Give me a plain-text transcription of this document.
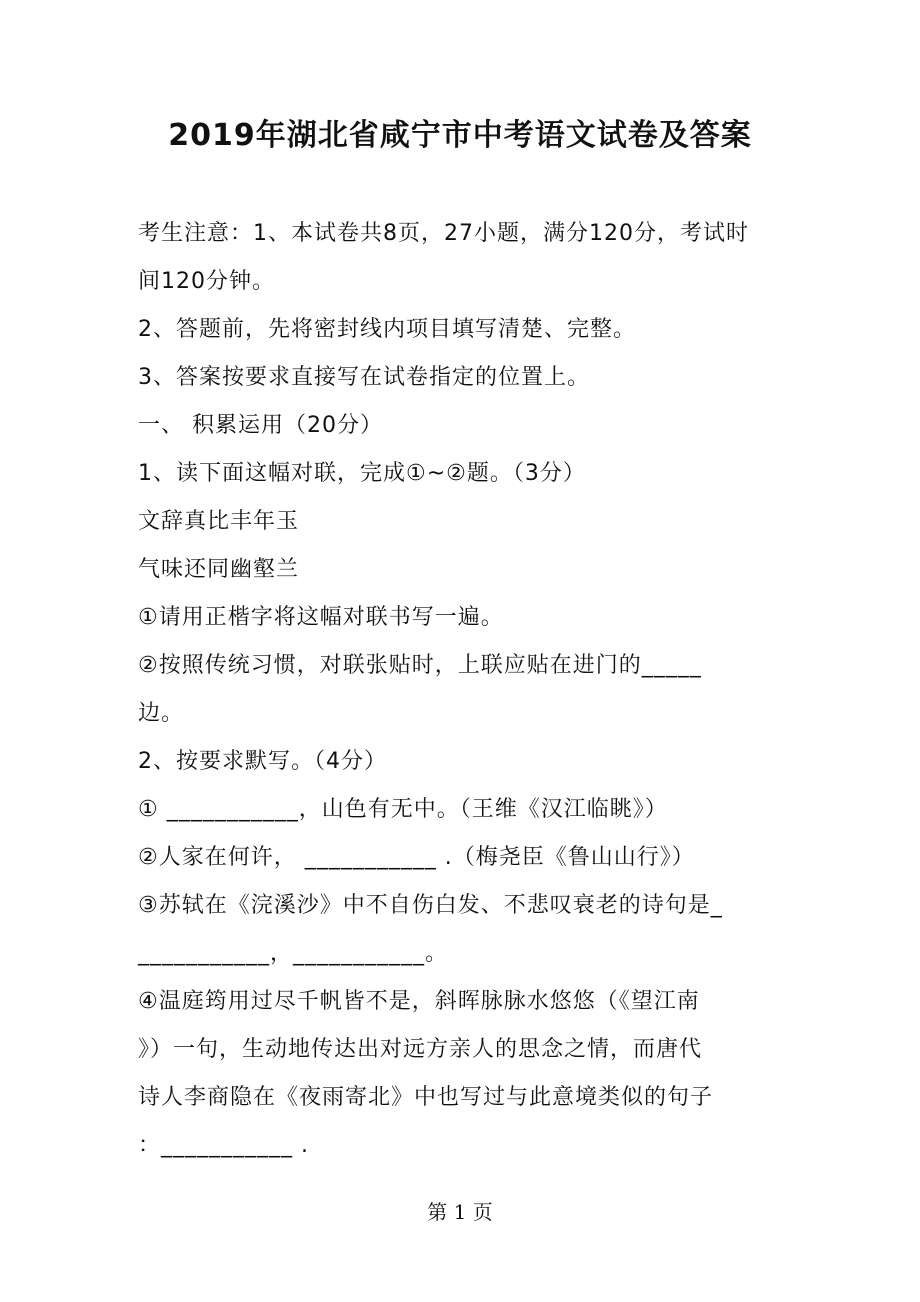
2019年湖北省咸宁市中考语文试卷及答案
考生注意：1、本试卷共8页，27小题，满分120分，考试时
间120分钟。
2、答题前，先将密封线内项目填写清楚、完整。
3、答案按要求直接写在试卷指定的位置上。
一、 积累运用（20分）
1、读下面这幅对联，完成①~②题。（3分）
文辞真比丰年玉
气味还同幽壑兰
①请用正楷字将这幅对联书写一遍。
②按照传统习惯，对联张贴时，上联应贴在进门的_____
边。
2、按要求默写。（4分）
① ___________，山色有无中。（王维《汉江临眺》）
②人家在何许， ___________ .（梅尧臣《鲁山山行》）
③苏轼在《浣溪沙》中不自伤白发、不悲叹衰老的诗句是_
___________，___________。
④温庭筠用过尽千帆皆不是，斜晖脉脉水悠悠（《望江南
》）一句，生动地传达出对远方亲人的思念之情，而唐代
诗人李商隐在《夜雨寄北》中也写过与此意境类似的句子
：___________ .
第 1 页
